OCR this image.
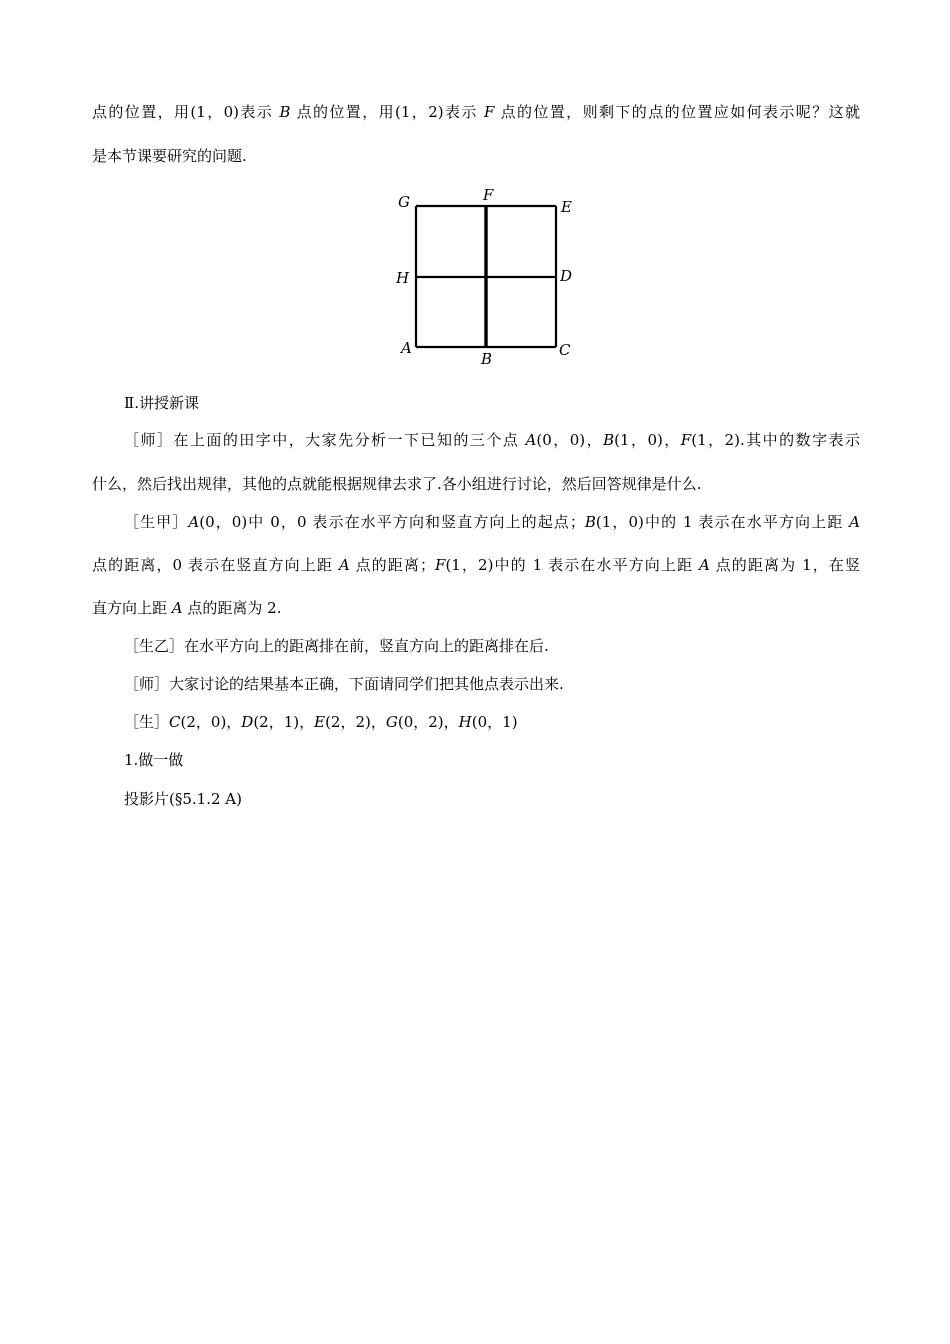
点的位置，用(1，0)表示 B 点的位置，用(1，2)表示 F 点的位置，则剩下的点的位置应如何表示呢？这就
是本节课要研究的问题.
G	F
E
H	D
A
B	C
Ⅱ.讲授新课
［师］在上面的田字中，大家先分析一下已知的三个点 A(0，0)，B(1，0)，F(1，2).其中的数字表示
什么，然后找出规律，其他的点就能根据规律去求了.各小组进行讨论，然后回答规律是什么.
［生甲］A(0，0)中 0，0 表示在水平方向和竖直方向上的起点；B(1，0)中的 1 表示在水平方向上距 A
点的距离，0 表示在竖直方向上距 A 点的距离；F(1，2)中的 1 表示在水平方向上距 A 点的距离为 1，在竖
直方向上距 A 点的距离为 2.
［生乙］在水平方向上的距离排在前，竖直方向上的距离排在后.
［师］大家讨论的结果基本正确，下面请同学们把其他点表示出来.
［生］C(2，0)，D(2，1)，E(2，2)，G(0，2)，H(0，1)
1.做一做
投影片(§5.1.2 A)
